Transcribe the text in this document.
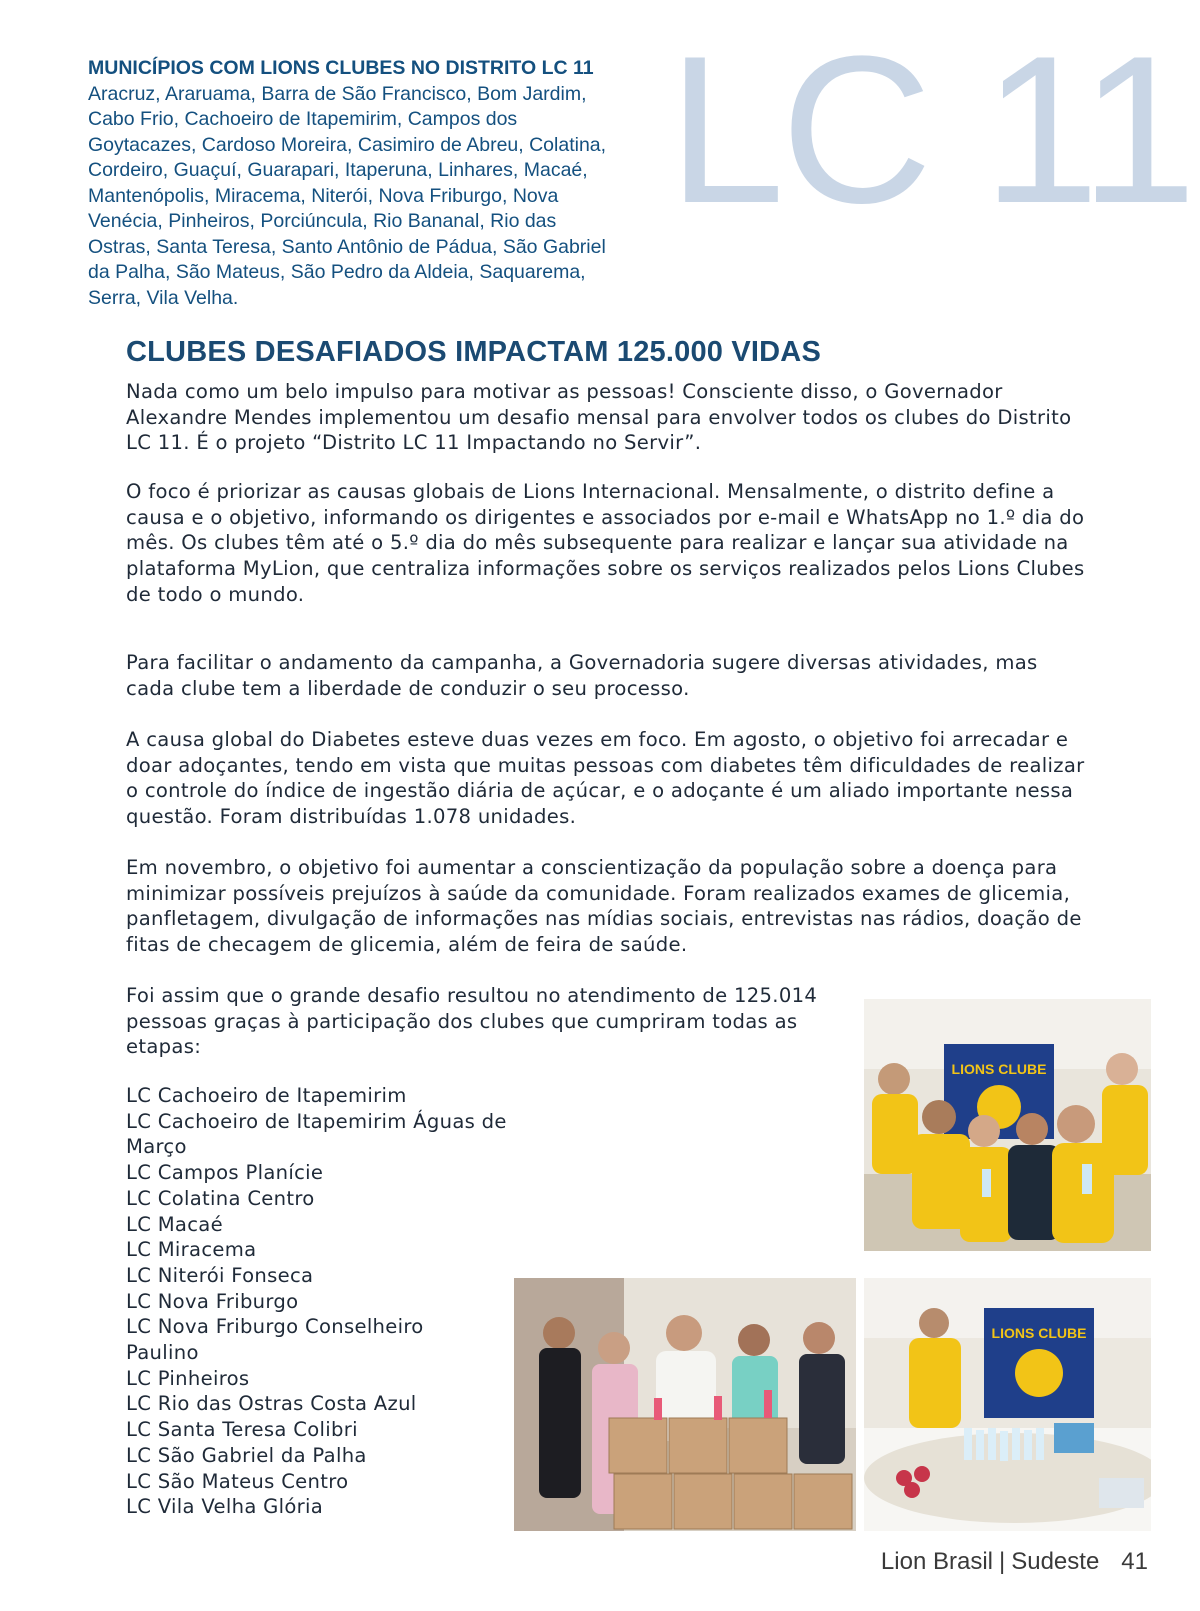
MUNICÍPIOS COM LIONS CLUBES NO DISTRITO LC 11
Aracruz, Araruama, Barra de São Francisco, Bom Jardim, Cabo Frio, Cachoeiro de Itapemirim, Campos dos Goytacazes, Cardoso Moreira, Casimiro de Abreu, Colatina, Cordeiro, Guaçuí, Guarapari, Itaperuna, Linhares, Macaé, Mantenópolis, Miracema, Niterói, Nova Friburgo, Nova Venécia, Pinheiros, Porciúncula, Rio Bananal, Rio das Ostras, Santa Teresa, Santo Antônio de Pádua, São Gabriel da Palha, São Mateus, São Pedro da Aldeia, Saquarema, Serra, Vila Velha.
LC 11
CLUBES DESAFIADOS IMPACTAM 125.000 VIDAS

Nada como um belo impulso para motivar as pessoas! Consciente disso, o Governador Alexandre Mendes implementou um desafio mensal para envolver todos os clubes do Distrito LC 11. É o projeto “Distrito LC 11 Impactando no Servir”.

O foco é priorizar as causas globais de Lions Internacional. Mensalmente, o distrito define a causa e o objetivo, informando os dirigentes e associados por e-mail e WhatsApp no 1.º dia do mês. Os clubes têm até o 5.º dia do mês subsequente para realizar e lançar sua atividade na plataforma MyLion, que centraliza informações sobre os serviços realizados pelos Lions Clubes de todo o mundo.

Para facilitar o andamento da campanha, a Governadoria sugere diversas atividades, mas cada clube tem a liberdade de conduzir o seu processo.

A causa global do Diabetes esteve duas vezes em foco. Em agosto, o objetivo foi arrecadar e doar adoçantes, tendo em vista que muitas pessoas com diabetes têm dificuldades de realizar o controle do índice de ingestão diária de açúcar, e o adoçante é um aliado importante nessa questão. Foram distribuídas 1.078 unidades.

Em novembro, o objetivo foi aumentar a conscientização da população sobre a doença para minimizar possíveis prejuízos à saúde da comunidade. Foram realizados exames de glicemia, panfletagem, divulgação de informações nas mídias sociais, entrevistas nas rádios, doação de fitas de checagem de glicemia, além de feira de saúde.

Foi assim que o grande desafio resultou no atendimento de 125.014 pessoas graças à participação dos clubes que cumpriram todas as etapas:

LC Cachoeiro de Itapemirim
LC Cachoeiro de Itapemirim Águas de Março
LC Campos Planície
LC Colatina Centro
LC Macaé
LC Miracema
LC Niterói Fonseca
LC Nova Friburgo
LC Nova Friburgo Conselheiro Paulino
LC Pinheiros
LC Rio das Ostras Costa Azul
LC Santa Teresa Colibri
LC São Gabriel da Palha
LC São Mateus Centro
LC Vila Velha Glória
LIONS CLUBE
LIONS CLUBE
Lion Brasil | Sudeste 41
